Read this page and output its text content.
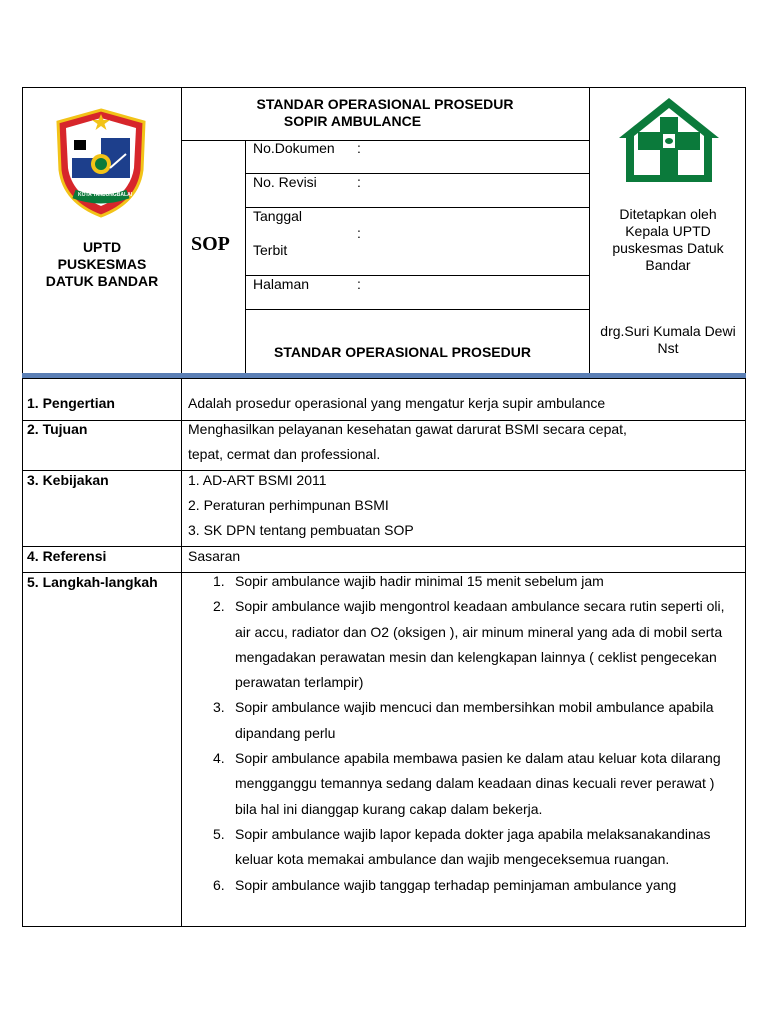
KOTA TANJUNGBALAI
UPTD PUSKESMAS DATUK BANDAR
STANDAR OPERASIONAL PROSEDUR
SOPIR AMBULANCE
SOP
No.Dokumen :
No. Revisi	:
Tanggal
:
Terbit
Halaman	:
STANDAR OPERASIONAL PROSEDUR
Ditetapkan oleh Kepala UPTD puskesmas Datuk Bandar
drg.Suri Kumala Dewi Nst
1. Pengertian	Adalah prosedur operasional yang mengatur kerja supir ambulance
2. Tujuan	Menghasilkan pelayanan kesehatan gawat darurat BSMI secara cepat,
tepat, cermat dan professional.
3. Kebijakan	1. AD-ART BSMI 2011
2. Peraturan perhimpunan BSMI
3. SK DPN tentang pembuatan SOP
4. Referensi	Sasaran
5. Langkah-langkah	1. Sopir ambulance wajib hadir minimal 15 menit sebelum jam
2. Sopir ambulance wajib mengontrol keadaan ambulance secara rutin seperti oli, air accu, radiator dan O2 (oksigen ), air minum mineral yang ada di mobil serta mengadakan perawatan mesin dan kelengkapan lainnya ( ceklist pengecekan perawatan terlampir)
3. Sopir ambulance wajib mencuci dan membersihkan mobil ambulance apabila dipandang perlu
4. Sopir ambulance apabila membawa pasien ke dalam atau keluar kota dilarang mengganggu temannya sedang dalam keadaan dinas kecuali rever perawat ) bila hal ini dianggap kurang cakap dalam bekerja.
5. Sopir ambulance wajib lapor kepada dokter jaga apabila melaksanakandinas keluar kota memakai ambulance dan wajib mengeceksemua ruangan.
6. Sopir ambulance wajib tanggap terhadap peminjaman ambulance yang
